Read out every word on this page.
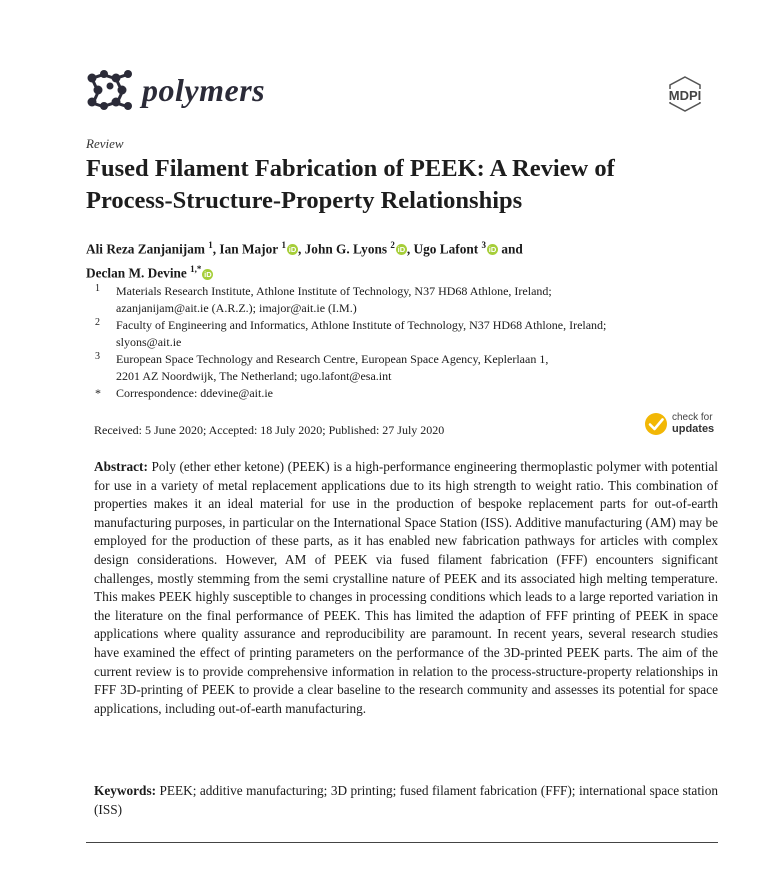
polymers	MDPI
Review
Fused Filament Fabrication of PEEK: A Review of
Process-Structure-Property Relationships
Ali Reza Zanjanijam $^1$, Ian Major $^1$ iD , John G. Lyons $^2$ iD , Ugo Lafont $^3$ iD and
Declan M. Devine $^{1,*}$ iD
1 Materials Research Institute, Athlone Institute of Technology, N37 HD68 Athlone, Ireland;
azanjanijam@ait.ie (A.R.Z.); imajor@ait.ie (I.M.)
2 Faculty of Engineering and Informatics, Athlone Institute of Technology, N37 HD68 Athlone, Ireland;
slyons@ait.ie
3 European Space Technology and Research Centre, European Space Agency, Keplerlaan 1,
2201 AZ Noordwijk, The Netherland; ugo.lafont@esa.int
* Correspondence: ddevine@ait.ie
Received: 5 June 2020; Accepted: 18 July 2020; Published: 27 July 2020
check for
updates
Abstract: Poly (ether ether ketone) (PEEK) is a high-performance engineering thermoplastic polymer with potential for use in a variety of metal replacement applications due to its high strength to weight ratio. This combination of properties makes it an ideal material for use in the production of bespoke replacement parts for out-of-earth manufacturing purposes, in particular on the International Space Station (ISS). Additive manufacturing (AM) may be employed for the production of these parts, as it has enabled new fabrication pathways for articles with complex design considerations. However, AM of PEEK via fused filament fabrication (FFF) encounters significant challenges, mostly stemming from the semi crystalline nature of PEEK and its associated high melting temperature. This makes PEEK highly susceptible to changes in processing conditions which leads to a large reported variation in the literature on the final performance of PEEK. This has limited the adaption of FFF printing of PEEK in space applications where quality assurance and reproducibility are paramount. In recent years, several research studies have examined the effect of printing parameters on the performance of the 3D-printed PEEK parts. The aim of the current review is to provide comprehensive information in relation to the process-structure-property relationships in FFF 3D-printing of PEEK to provide a clear baseline to the research community and assesses its potential for space applications, including out-of-earth manufacturing.
Keywords: PEEK; additive manufacturing; 3D printing; fused filament fabrication (FFF); international space station (ISS)
